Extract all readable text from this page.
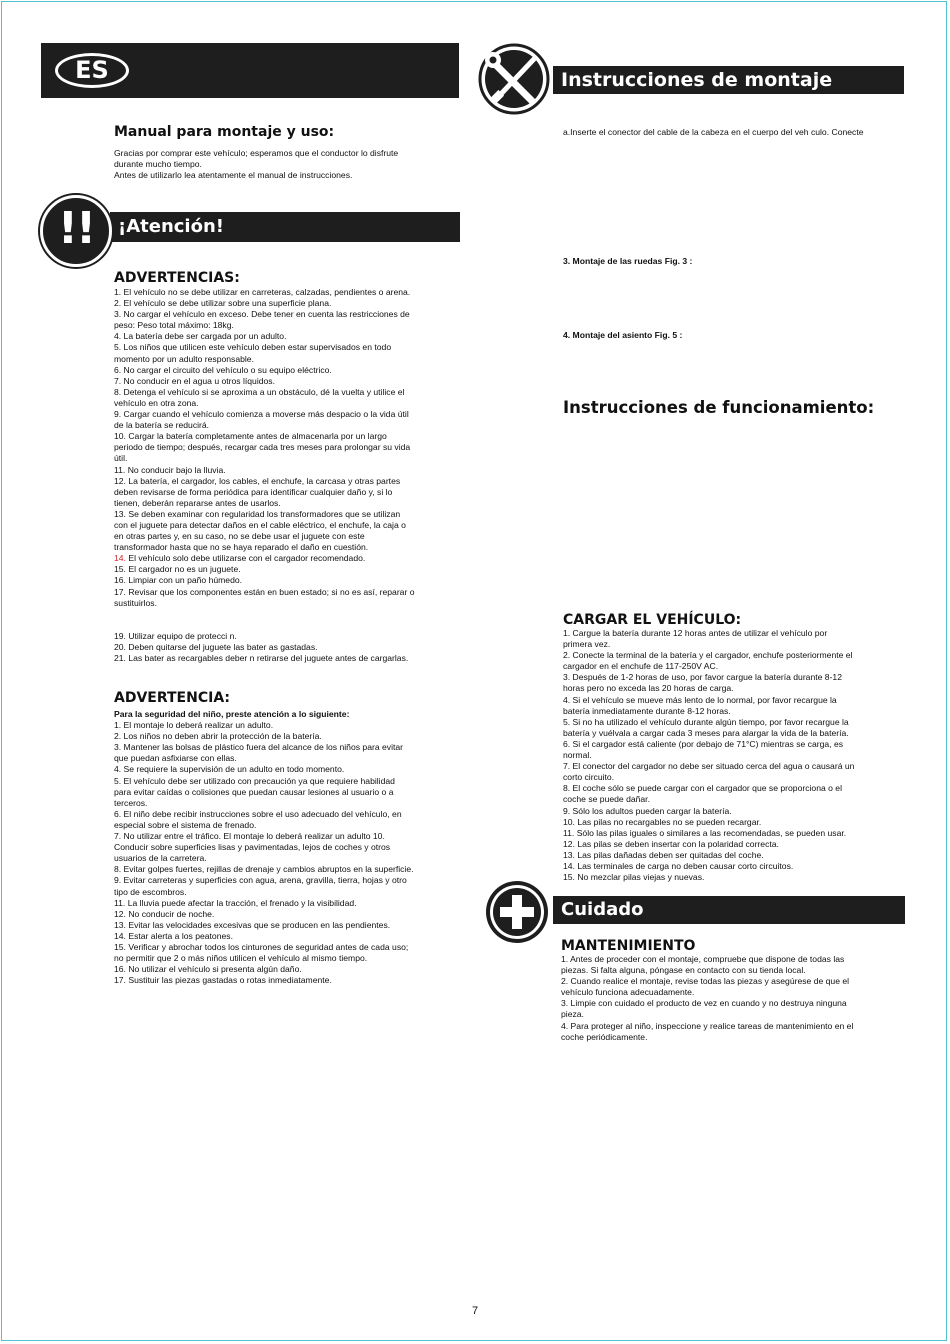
ES	Instrucciones de montaje
Manual para montaje y uso:
Gracias por comprar este vehículo; esperamos que el conductor lo disfrute
durante mucho tiempo.
Antes de utilizarlo lea atentamente el manual de instrucciones.
¡Atención!
!!
ADVERTENCIAS:
1. El vehículo no se debe utilizar en carreteras, calzadas, pendientes o arena.
2. El vehículo se debe utilizar sobre una superficie plana.
3. No cargar el vehículo en exceso. Debe tener en cuenta las restricciones de
peso: Peso total máximo: 18kg.
4. La batería debe ser cargada por un adulto.
5. Los niños que utilicen este vehículo deben estar supervisados en todo
momento por un adulto responsable.
6. No cargar el circuito del vehículo o su equipo eléctrico.
7. No conducir en el agua u otros líquidos.
8. Detenga el vehículo si se aproxima a un obstáculo, dé la vuelta y utilice el
vehículo en otra zona.
9. Cargar cuando el vehículo comienza a moverse más despacio o la vida útil
de la batería se reducirá.
10. Cargar la batería completamente antes de almacenarla por un largo
periodo de tiempo; después, recargar cada tres meses para prolongar su vida
útil.
11. No conducir bajo la lluvia.
12. La batería, el cargador, los cables, el enchufe, la carcasa y otras partes
deben revisarse de forma periódica para identificar cualquier daño y, si lo
tienen, deberán repararse antes de usarlos.
13. Se deben examinar con regularidad los transformadores que se utilizan
con el juguete para detectar daños en el cable eléctrico, el enchufe, la caja o
en otras partes y, en su caso, no se debe usar el juguete con este
transformador hasta que no se haya reparado el daño en cuestión.
14. El vehículo solo debe utilizarse con el cargador recomendado.
15. El cargador no es un juguete.
16. Limpiar con un paño húmedo.
17. Revisar que los componentes están en buen estado; si no es así, reparar o
sustituirlos.
19. Utilizar equipo de protecci n.
20. Deben quitarse del juguete las bater as gastadas.
21. Las bater as recargables deber n retirarse del juguete antes de cargarlas.
ADVERTENCIA:
Para la seguridad del niño, preste atención a lo siguiente:
1. El montaje lo deberá realizar un adulto.
2. Los niños no deben abrir la protección de la batería.
3. Mantener las bolsas de plástico fuera del alcance de los niños para evitar
que puedan asfixiarse con ellas.
4. Se requiere la supervisión de un adulto en todo momento.
5. El vehículo debe ser utilizado con precaución ya que requiere habilidad
para evitar caídas o colisiones que puedan causar lesiones al usuario o a
terceros.
6. El niño debe recibir instrucciones sobre el uso adecuado del vehículo, en
especial sobre el sistema de frenado.
7. No utilizar entre el tráfico. El montaje lo deberá realizar un adulto 10.
Conducir sobre superficies lisas y pavimentadas, lejos de coches y otros
usuarios de la carretera.
8. Evitar golpes fuertes, rejillas de drenaje y cambios abruptos en la superficie.
9. Evitar carreteras y superficies con agua, arena, gravilla, tierra, hojas y otro
tipo de escombros.
11. La lluvia puede afectar la tracción, el frenado y la visibilidad.
12. No conducir de noche.
13. Evitar las velocidades excesivas que se producen en las pendientes.
14. Estar alerta a los peatones.
15. Verificar y abrochar todos los cinturones de seguridad antes de cada uso;
no permitir que 2 o más niños utilicen el vehículo al mismo tiempo.
16. No utilizar el vehículo si presenta algún daño.
17. Sustituir las piezas gastadas o rotas inmediatamente.
a.Inserte el conector del cable de la cabeza en el cuerpo del veh culo. Conecte
3. Montaje de las ruedas Fig. 3 :
4. Montaje del asiento Fig. 5 :
Instrucciones de funcionamiento:
CARGAR EL VEHÍCULO:
1. Cargue la batería durante 12 horas antes de utilizar el vehículo por
primera vez.
2. Conecte la terminal de la batería y el cargador, enchufe posteriormente el
cargador en el enchufe de 117-250V AC.
3. Después de 1-2 horas de uso, por favor cargue la batería durante 8-12
horas pero no exceda las 20 horas de carga.
4. Si el vehículo se mueve más lento de lo normal, por favor recargue la
batería inmediatamente durante 8-12 horas.
5. Si no ha utilizado el vehículo durante algún tiempo, por favor recargue la
batería y vuélvala a cargar cada 3 meses para alargar la vida de la batería.
6. Si el cargador está caliente (por debajo de 71°C) mientras se carga, es
normal.
7. El conector del cargador no debe ser situado cerca del agua o causará un
corto circuito.
8. El coche sólo se puede cargar con el cargador que se proporciona o el
coche se puede dañar.
9. Sólo los adultos pueden cargar la batería.
10. Las pilas no recargables no se pueden recargar.
11. Sólo las pilas iguales o similares a las recomendadas, se pueden usar.
12. Las pilas se deben insertar con la polaridad correcta.
13. Las pilas dañadas deben ser quitadas del coche.
14. Las terminales de carga no deben causar corto circuitos.
15. No mezclar pilas viejas y nuevas.
Cuidado
MANTENIMIENTO
1. Antes de proceder con el montaje, compruebe que dispone de todas las
piezas. Si falta alguna, póngase en contacto con su tienda local.
2. Cuando realice el montaje, revise todas las piezas y asegúrese de que el
vehículo funciona adecuadamente.
3. Limpie con cuidado el producto de vez en cuando y no destruya ninguna
pieza.
4. Para proteger al niño, inspeccione y realice tareas de mantenimiento en el
coche periódicamente.
7
